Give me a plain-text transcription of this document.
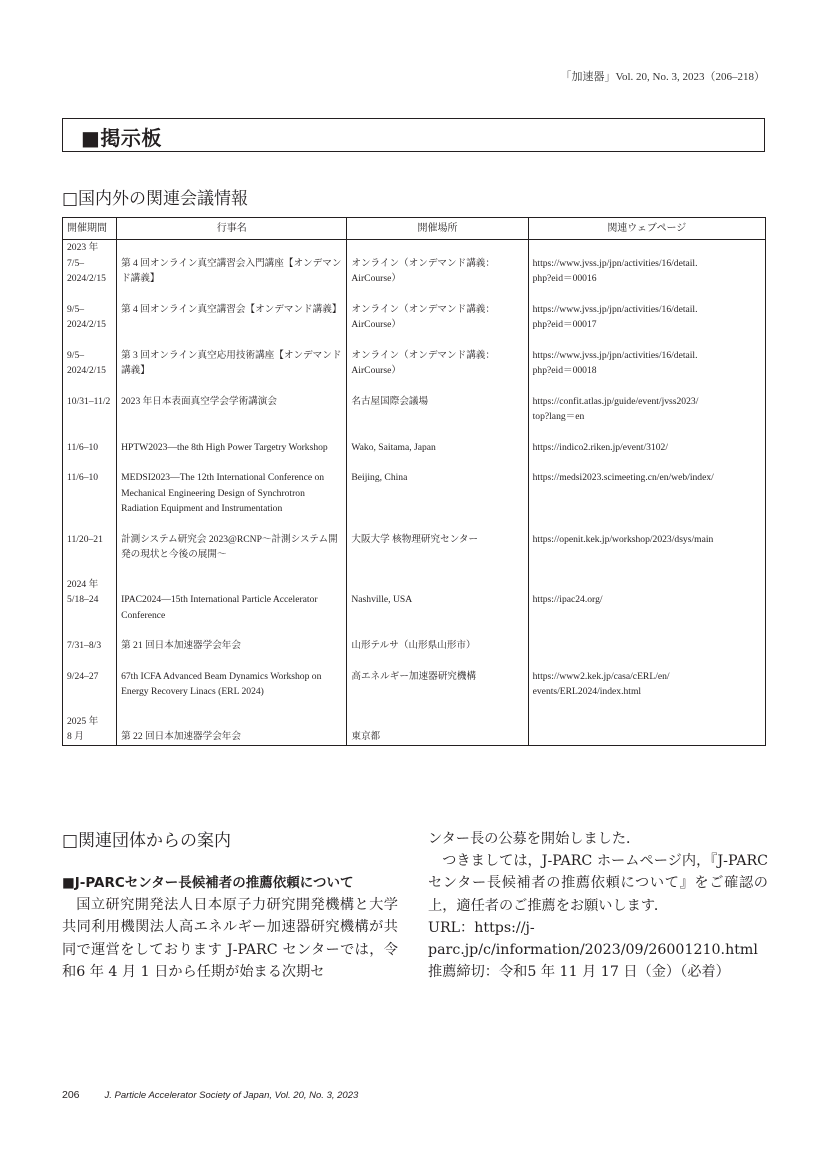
「加速器」Vol. 20, No. 3, 2023（206–218）
■掲示板
□国内外の関連会議情報
開催期間	行事名	開催場所	関連ウェブページ
2023 年			
7/5–
2024/2/15	第 4 回オンライン真空講習会入門講座【オンデマンド講義】	オンライン（オンデマンド講義：AirCourse）	https://www.jvss.jp/jpn/activities/16/detail.
php?eid＝00016
9/5–
2024/2/15	第 4 回オンライン真空講習会【オンデマンド講義】	オンライン（オンデマンド講義：AirCourse）	https://www.jvss.jp/jpn/activities/16/detail.
php?eid＝00017
9/5–
2024/2/15	第 3 回オンライン真空応用技術講座【オンデマンド講義】	オンライン（オンデマンド講義：AirCourse）	https://www.jvss.jp/jpn/activities/16/detail.
php?eid＝00018
10/31–11/2	2023 年日本表面真空学会学術講演会	名古屋国際会議場	https://confit.atlas.jp/guide/event/jvss2023/
top?lang＝en
11/6–10	HPTW2023—the 8th High Power Targetry Workshop	Wako, Saitama, Japan	https://indico2.riken.jp/event/3102/
11/6–10	MEDSI2023—The 12th International Conference on Mechanical Engineering Design of Synchrotron Radiation Equipment and Instrumentation	Beijing, China	https://medsi2023.scimeeting.cn/en/web/index/
11/20–21	計測システム研究会 2023@RCNP～計測システム開発の現状と今後の展開～	大阪大学 核物理研究センター	https://openit.kek.jp/workshop/2023/dsys/main
2024 年			
5/18–24	IPAC2024—15th International Particle Accelerator Conference	Nashville, USA	https://ipac24.org/
7/31–8/3	第 21 回日本加速器学会年会	山形テルサ（山形県山形市）	
9/24–27	67th ICFA Advanced Beam Dynamics Workshop on Energy Recovery Linacs (ERL 2024)	高エネルギー加速器研究機構	https://www2.kek.jp/casa/cERL/en/
events/ERL2024/index.html
2025 年			
8 月	第 22 回日本加速器学会年会	東京都	
□関連団体からの案内
■J-PARCセンター長候補者の推薦依頼について

国立研究開発法人日本原子力研究開発機構と大学共同利用機関法人高エネルギー加速器研究機構が共同で運営をしております J-PARC センターでは，令和6 年 4 月 1 日から任期が始まる次期セ

ンター長の公募を開始しました．

つきましては，J-PARC ホームページ内，『J-PARC センター長候補者の推薦依頼について』をご確認の上，適任者のご推薦をお願いします．

URL：https://j-parc.jp/c/information/2023/09/26001210.html

推薦締切：令和5 年 11 月 17 日（金）（必着）

206	J. Particle Accelerator Society of Japan, Vol. 20, No. 3, 2023
